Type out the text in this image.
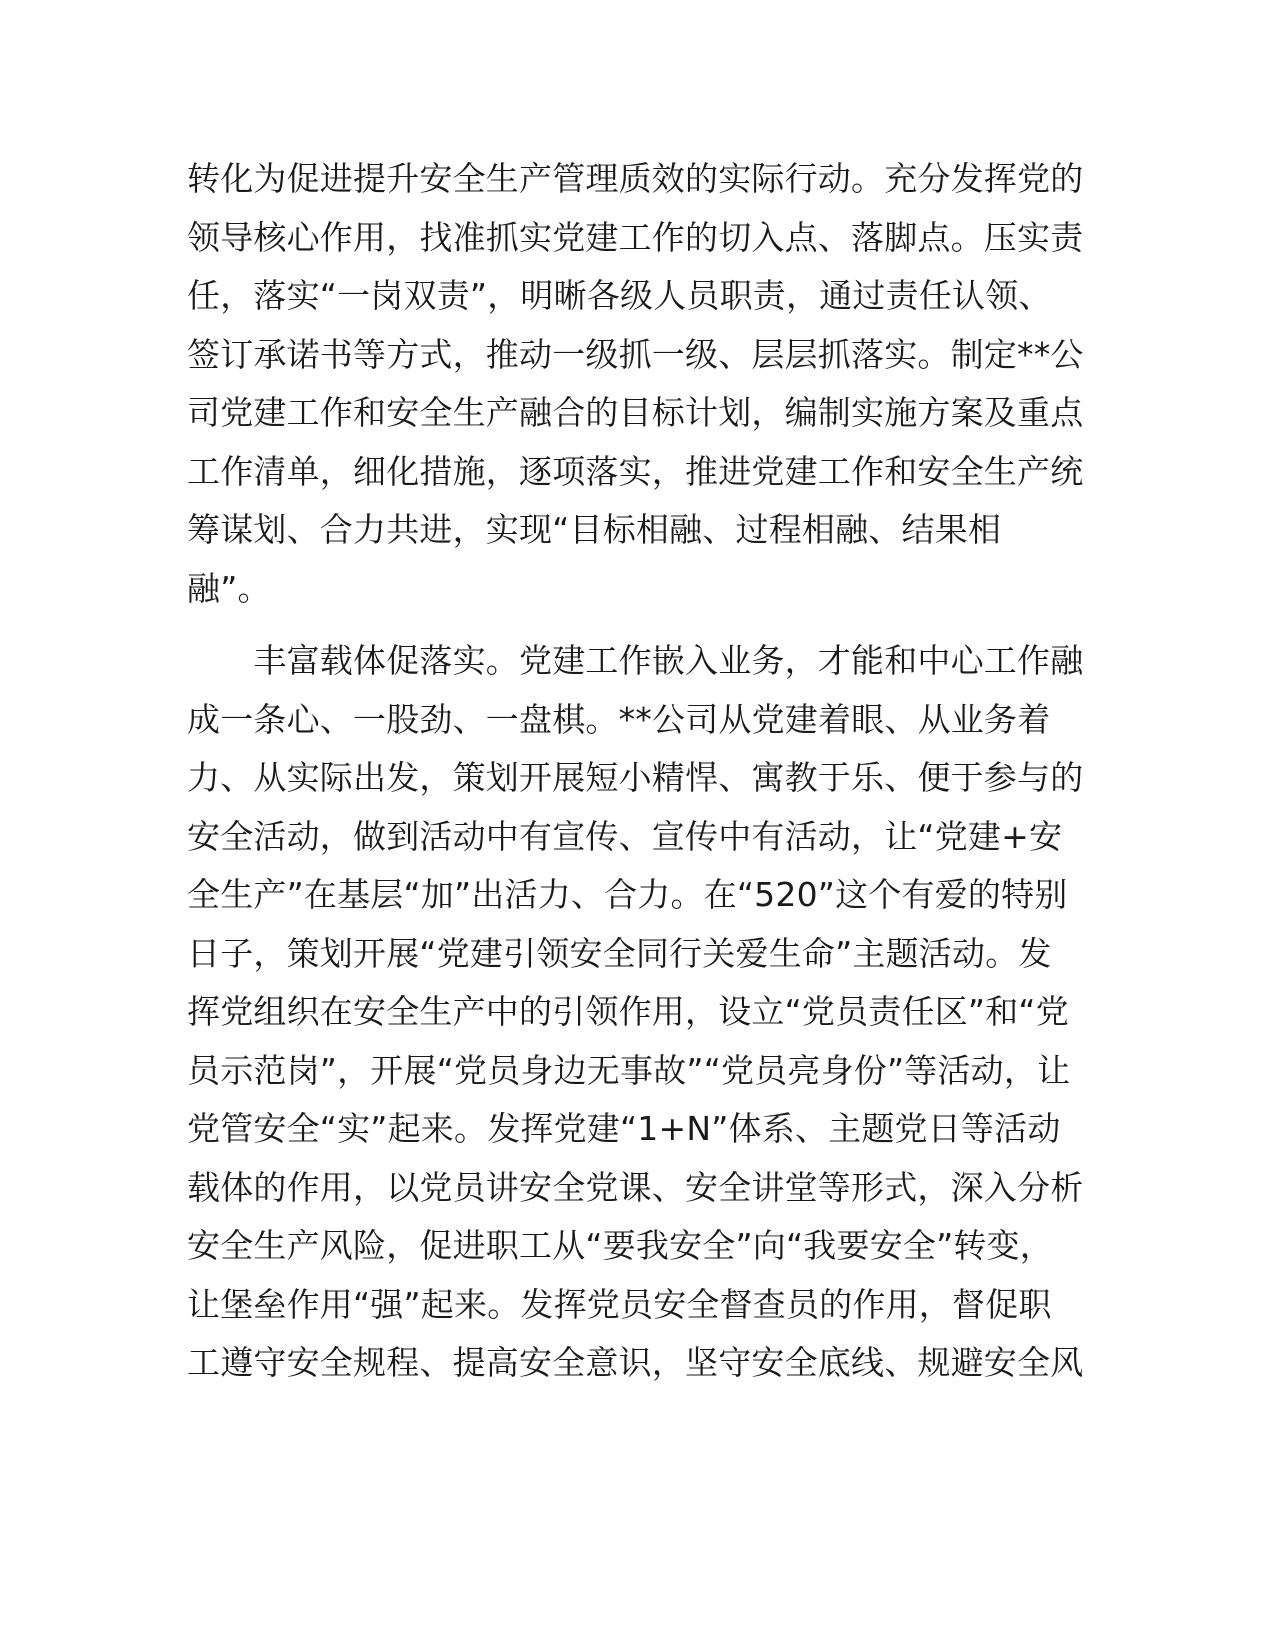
转化为促进提升安全生产管理质效的实际行动。充分发挥党的
领导核心作用，找准抓实党建工作的切入点、落脚点。压实责
任，落实“一岗双责”，明晰各级人员职责，通过责任认领、
签订承诺书等方式，推动一级抓一级、层层抓落实。制定**公
司党建工作和安全生产融合的目标计划，编制实施方案及重点
工作清单，细化措施，逐项落实，推进党建工作和安全生产统
筹谋划、合力共进，实现“目标相融、过程相融、结果相
融”。
　　丰富载体促落实。党建工作嵌入业务，才能和中心工作融
成一条心、一股劲、一盘棋。**公司从党建着眼、从业务着
力、从实际出发，策划开展短小精悍、寓教于乐、便于参与的
安全活动，做到活动中有宣传、宣传中有活动，让“党建+安
全生产”在基层“加”出活力、合力。在“520”这个有爱的特别
日子，策划开展“党建引领安全同行关爱生命”主题活动。发
挥党组织在安全生产中的引领作用，设立“党员责任区”和“党
员示范岗”，开展“党员身边无事故”“党员亮身份”等活动，让
党管安全“实”起来。发挥党建“1+N”体系、主题党日等活动
载体的作用，以党员讲安全党课、安全讲堂等形式，深入分析
安全生产风险，促进职工从“要我安全”向“我要安全”转变，
让堡垒作用“强”起来。发挥党员安全督查员的作用，督促职
工遵守安全规程、提高安全意识，坚守安全底线、规避安全风
